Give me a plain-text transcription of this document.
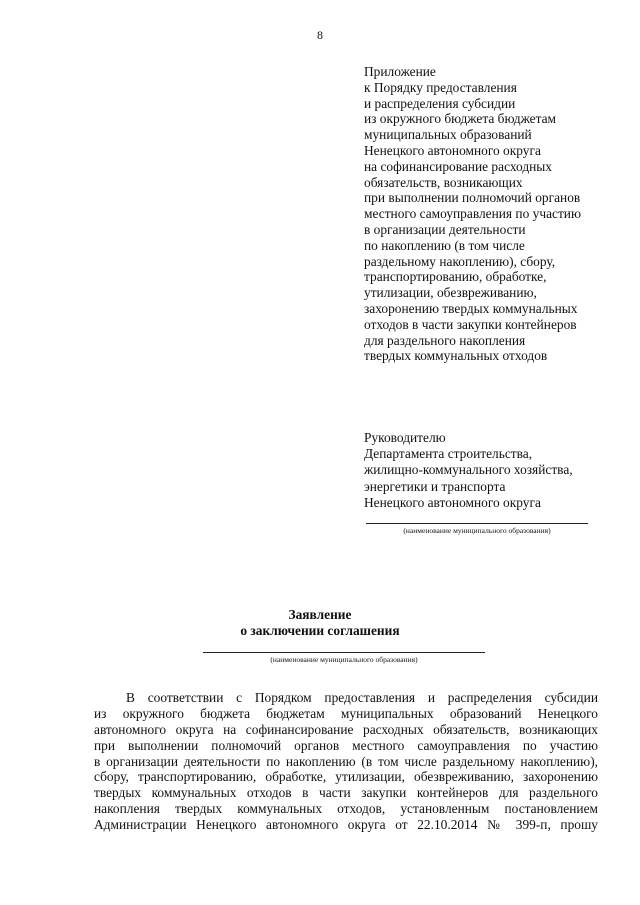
8
Приложение
к Порядку предоставления
и распределения субсидии
из окружного бюджета бюджетам
муниципальных образований
Ненецкого автономного округа
на софинансирование расходных
обязательств, возникающих
при выполнении полномочий органов
местного самоуправления по участию
в организации деятельности
по накоплению (в том числе
раздельному накоплению), сбору,
транспортированию, обработке,
утилизации, обезвреживанию,
захоронению твердых коммунальных
отходов в части закупки контейнеров
для раздельного накопления
твердых коммунальных отходов
Руководителю
Департамента строительства,
жилищно-коммунального хозяйства,
энергетики и транспорта
Ненецкого автономного округа
(наименование муниципального образования)
Заявление
о заключении соглашения
(наименование муниципального образования)
В соответствии с Порядком предоставления и распределения субсидии
из окружного бюджета бюджетам муниципальных образований Ненецкого
автономного округа на софинансирование расходных обязательств, возникающих
при выполнении полномочий органов местного самоуправления по участию
в организации деятельности по накоплению (в том числе раздельному накоплению),
сбору, транспортированию, обработке, утилизации, обезвреживанию, захоронению
твердых коммунальных отходов в части закупки контейнеров для раздельного
накопления твердых коммунальных отходов, установленным постановлением
Администрации Ненецкого автономного округа от 22.10.2014 № 399-п, прошу
